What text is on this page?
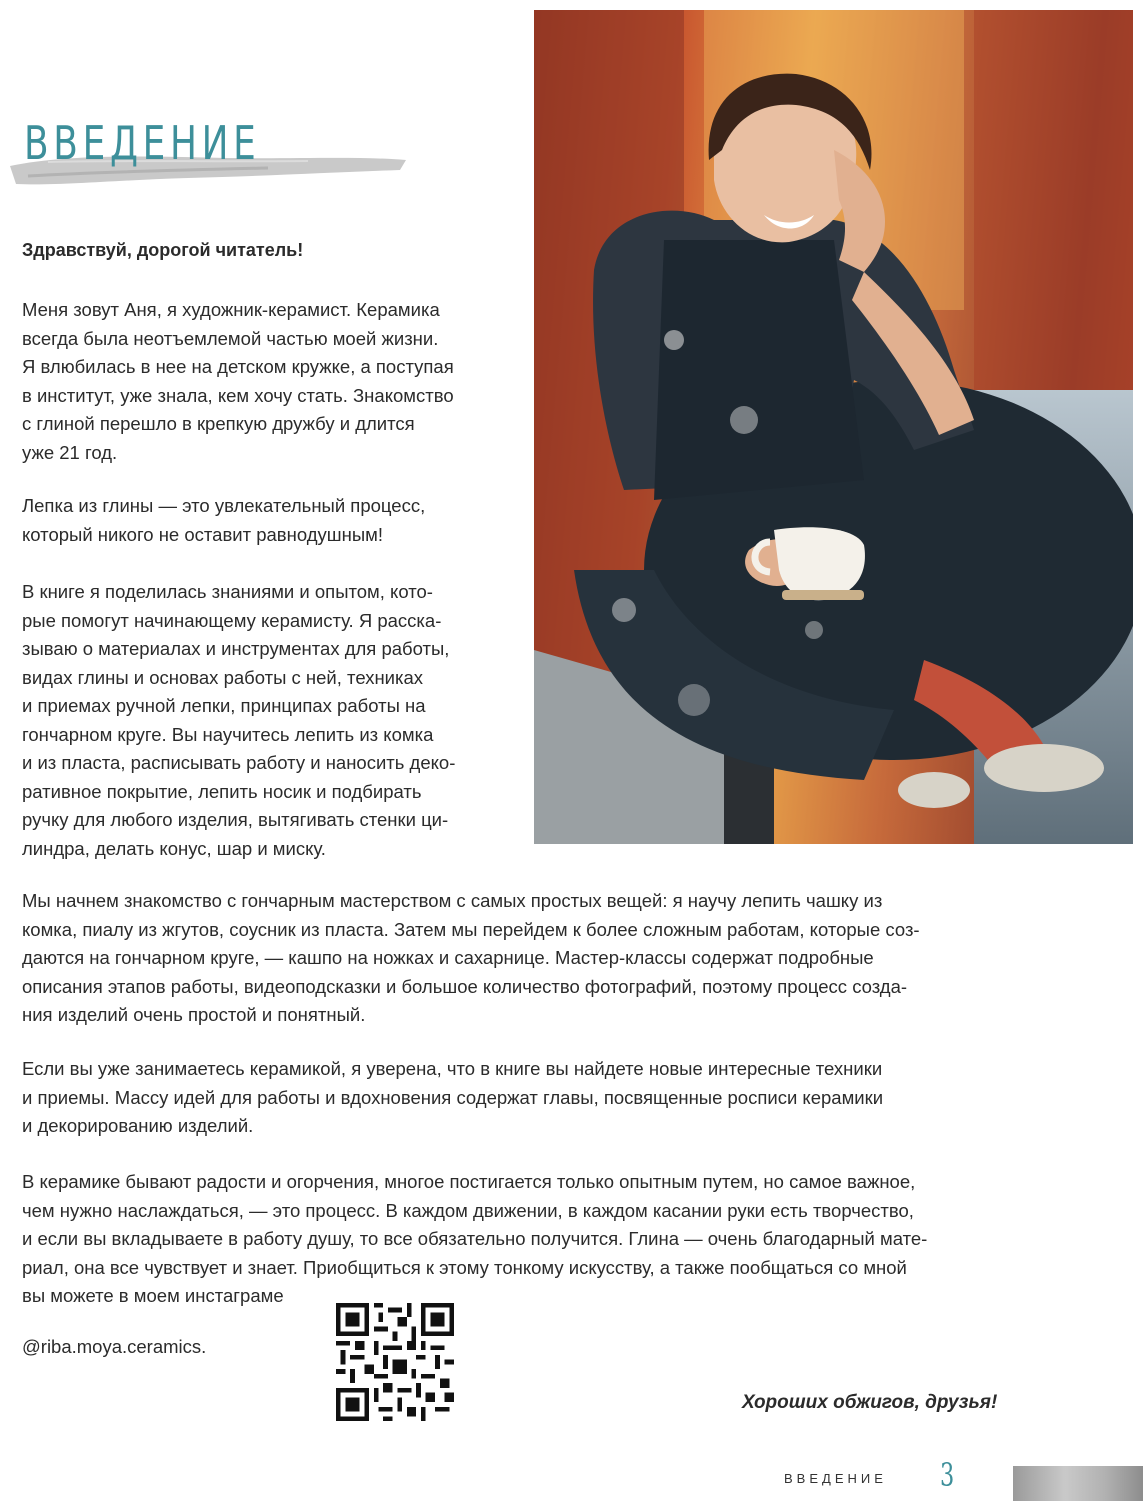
ВВЕДЕНИЕ

Здравствуй, дорогой читатель!

Меня зовут Аня, я художник-керамист. Керамика
всегда была неотъемлемой частью моей жизни.
Я влюбилась в нее на детском кружке, а поступая
в институт, уже знала, кем хочу стать. Знакомство
с глиной перешло в крепкую дружбу и длится
уже 21 год.

Лепка из глины — это увлекательный процесс,
который никого не оставит равнодушным!

В книге я поделилась знаниями и опытом, кото-
рые помогут начинающему керамисту. Я расска-
зываю о материалах и инструментах для работы,
видах глины и основах работы с ней, техниках
и приемах ручной лепки, принципах работы на
гончарном круге. Вы научитесь лепить из комка
и из пласта, расписывать работу и наносить деко-
ративное покрытие, лепить носик и подбирать
ручку для любого изделия, вытягивать стенки ци-
линдра, делать конус, шар и миску.

Мы начнем знакомство с гончарным мастерством с самых простых вещей: я научу лепить чашку из
комка, пиалу из жгутов, соусник из пласта. Затем мы перейдем к более сложным работам, которые соз-
даются на гончарном круге, — кашпо на ножках и сахарнице. Мастер-классы содержат подробные
описания этапов работы, видеоподсказки и большое количество фотографий, поэтому процесс созда-
ния изделий очень простой и понятный.

Если вы уже занимаетесь керамикой, я уверена, что в книге вы найдете новые интересные техники
и приемы. Массу идей для работы и вдохновения содержат главы, посвященные росписи керамики
и декорированию изделий.

В керамике бывают радости и огорчения, многое постигается только опытным путем, но самое важное,
чем нужно наслаждаться, — это процесс. В каждом движении, в каждом касании руки есть творчество,
и если вы вкладываете в работу душу, то все обязательно получится. Глина — очень благодарный мате-
риал, она все чувствует и знает. Приобщиться к этому тонкому искусству, а также пообщаться со мной
вы можете в моем инстаграме

@riba.moya.ceramics.

Хороших обжигов, друзья!

ВВЕДЕНИЕ 3
